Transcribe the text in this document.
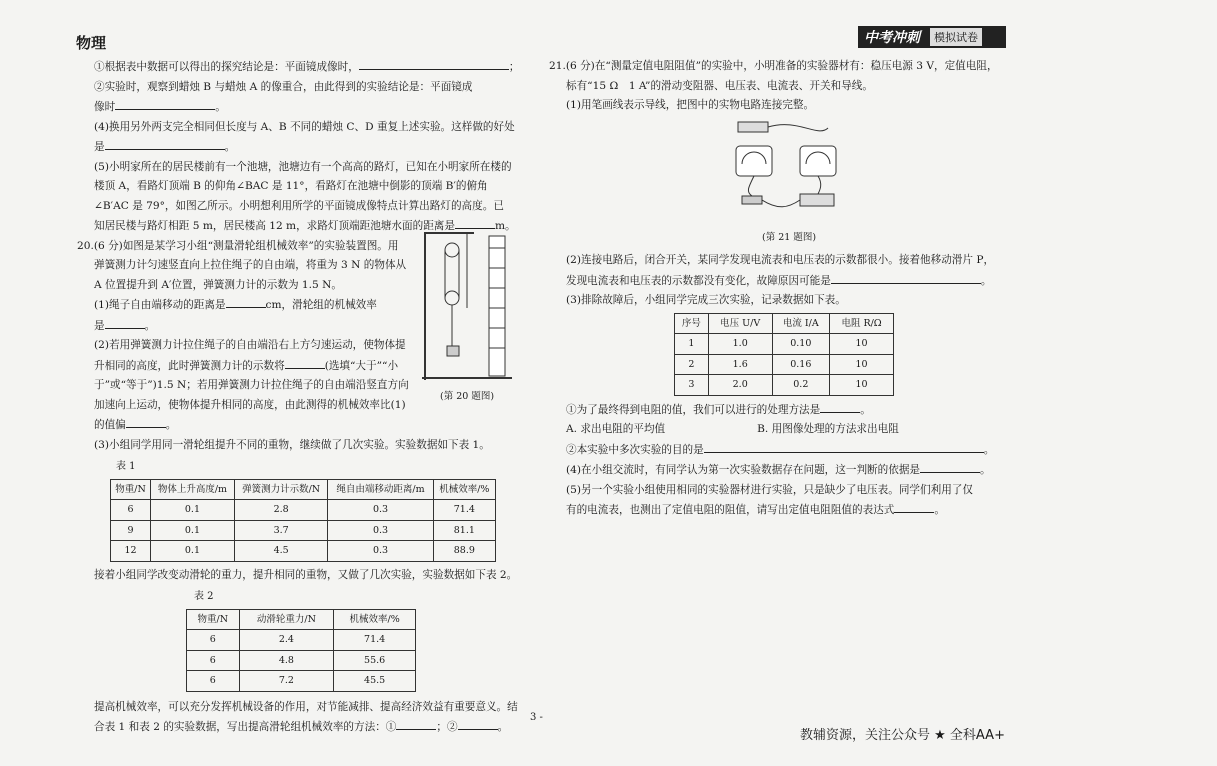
物理	中考冲刺	模拟试卷
①根据表中数据可以得出的探究结论是：平面镜成像时，	；
②实验时，观察到蜡烛 B 与蜡烛 A 的像重合，由此得到的实验结论是：平面镜成
像时	。
(4)换用另外两支完全相同但长度与 A、B 不同的蜡烛 C、D 重复上述实验。这样做的好处
是	。
(5)小明家所在的居民楼前有一个池塘，池塘边有一个高高的路灯，已知在小明家所在楼的
楼顶 A，看路灯顶端 B 的仰角∠BAC 是 11°，看路灯在池塘中倒影的顶端 B′的俯角
∠B′AC 是 79°，如图乙所示。小明想利用所学的平面镜成像特点计算出路灯的高度。已
知居民楼与路灯相距 5 m，居民楼高 12 m，求路灯顶端距池塘水面的距离是	m。
20.(6 分)如图是某学习小组“测量滑轮组机械效率”的实验装置图。用
弹簧测力计匀速竖直向上拉住绳子的自由端，将重为 3 N 的物体从
A 位置提升到 A′位置，弹簧测力计的示数为 1.5 N。
(1)绳子自由端移动的距离是	cm，滑轮组的机械效率
是	。
(2)若用弹簧测力计拉住绳子的自由端沿右上方匀速运动，使物体提
升相同的高度，此时弹簧测力计的示数将	(选填“大于”“小
于”或“等于”)1.5 N；若用弹簧测力计拉住绳子的自由端沿竖直方向
加速向上运动，使物体提升相同的高度，由此测得的机械效率比(1)
的值偏	。
(3)小组同学用同一滑轮组提升不同的重物，继续做了几次实验。实验数据如下表 1。
表 1
物重/N	物体上升高度/m	弹簧测力计示数/N	绳自由端移动距离/m	机械效率/%
6	0.1	2.8	0.3	71.4
9	0.1	3.7	0.3	81.1
12	0.1	4.5	0.3	88.9
接着小组同学改变动滑轮的重力，提升相同的重物，又做了几次实验，实验数据如下表 2。
表 2
物重/N	动滑轮重力/N	机械效率/%
6	2.4	71.4
6	4.8	55.6
6	7.2	45.5
提高机械效率，可以充分发挥机械设备的作用，对节能减排、提高经济效益有重要意义。结
合表 1 和表 2 的实验数据，写出提高滑轮组机械效率的方法：①	；②	。
(第 20 题图)
21.(6 分)在“测量定值电阻阻值”的实验中，小明准备的实验器材有：稳压电源 3 V，定值电阻，
标有“15 Ω　1 A”的滑动变阻器、电压表、电流表、开关和导线。
(1)用笔画线表示导线，把图中的实物电路连接完整。
(第 21 题图)
(2)连接电路后，闭合开关，某同学发现电流表和电压表的示数都很小。接着他移动滑片 P，
发现电流表和电压表的示数都没有变化，故障原因可能是	。
(3)排除故障后，小组同学完成三次实验，记录数据如下表。
序号	电压 U/V	电流 I/A	电阻 R/Ω
1	1.0	0.10	10
2	1.6	0.16	10
3	2.0	0.2	10
①为了最终得到电阻的值，我们可以进行的处理方法是	。
A. 求出电阻的平均值	B. 用图像处理的方法求出电阻
②本实验中多次实验的目的是	。
(4)在小组交流时，有同学认为第一次实验数据存在问题，这一判断的依据是	。
(5)另一个实验小组使用相同的实验器材进行实验，只是缺少了电压表。同学们利用了仅
有的电流表，也测出了定值电阻的阻值，请写出定值电阻阻值的表达式	。
3 -
教辅资源，关注公众号 ★ 全科AA+
